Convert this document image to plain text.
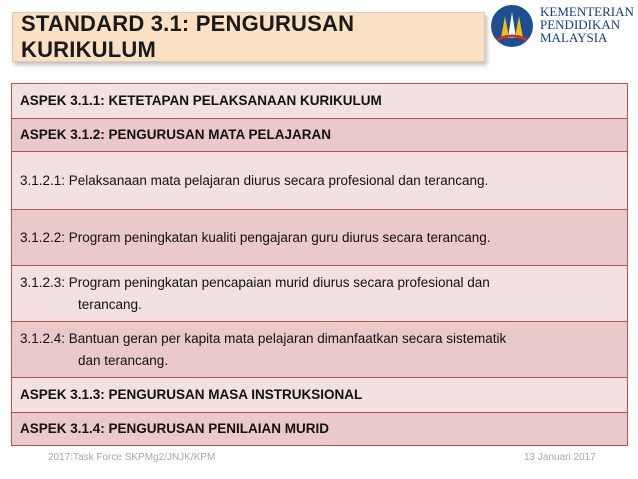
STANDARD 3.1: PENGURUSAN KURIKULUM
KEMENTERIAN
PENDIDIKAN
MALAYSIA
ASPEK 3.1.1: KETETAPAN PELAKSANAAN KURIKULUM
ASPEK 3.1.2: PENGURUSAN MATA PELAJARAN
3.1.2.1: Pelaksanaan mata pelajaran diurus secara profesional dan terancang.
3.1.2.2: Program peningkatan kualiti pengajaran guru diurus secara terancang.
3.1.2.3: Program peningkatan pencapaian murid diurus secara profesional dan
terancang.
3.1.2.4: Bantuan geran per kapita mata pelajaran dimanfaatkan secara sistematik
dan terancang.
ASPEK 3.1.3: PENGURUSAN MASA INSTRUKSIONAL
ASPEK 3.1.4: PENGURUSAN PENILAIAN MURID
2017:Task Force SKPMg2/JNJK/KPM	13 Januari 2017
